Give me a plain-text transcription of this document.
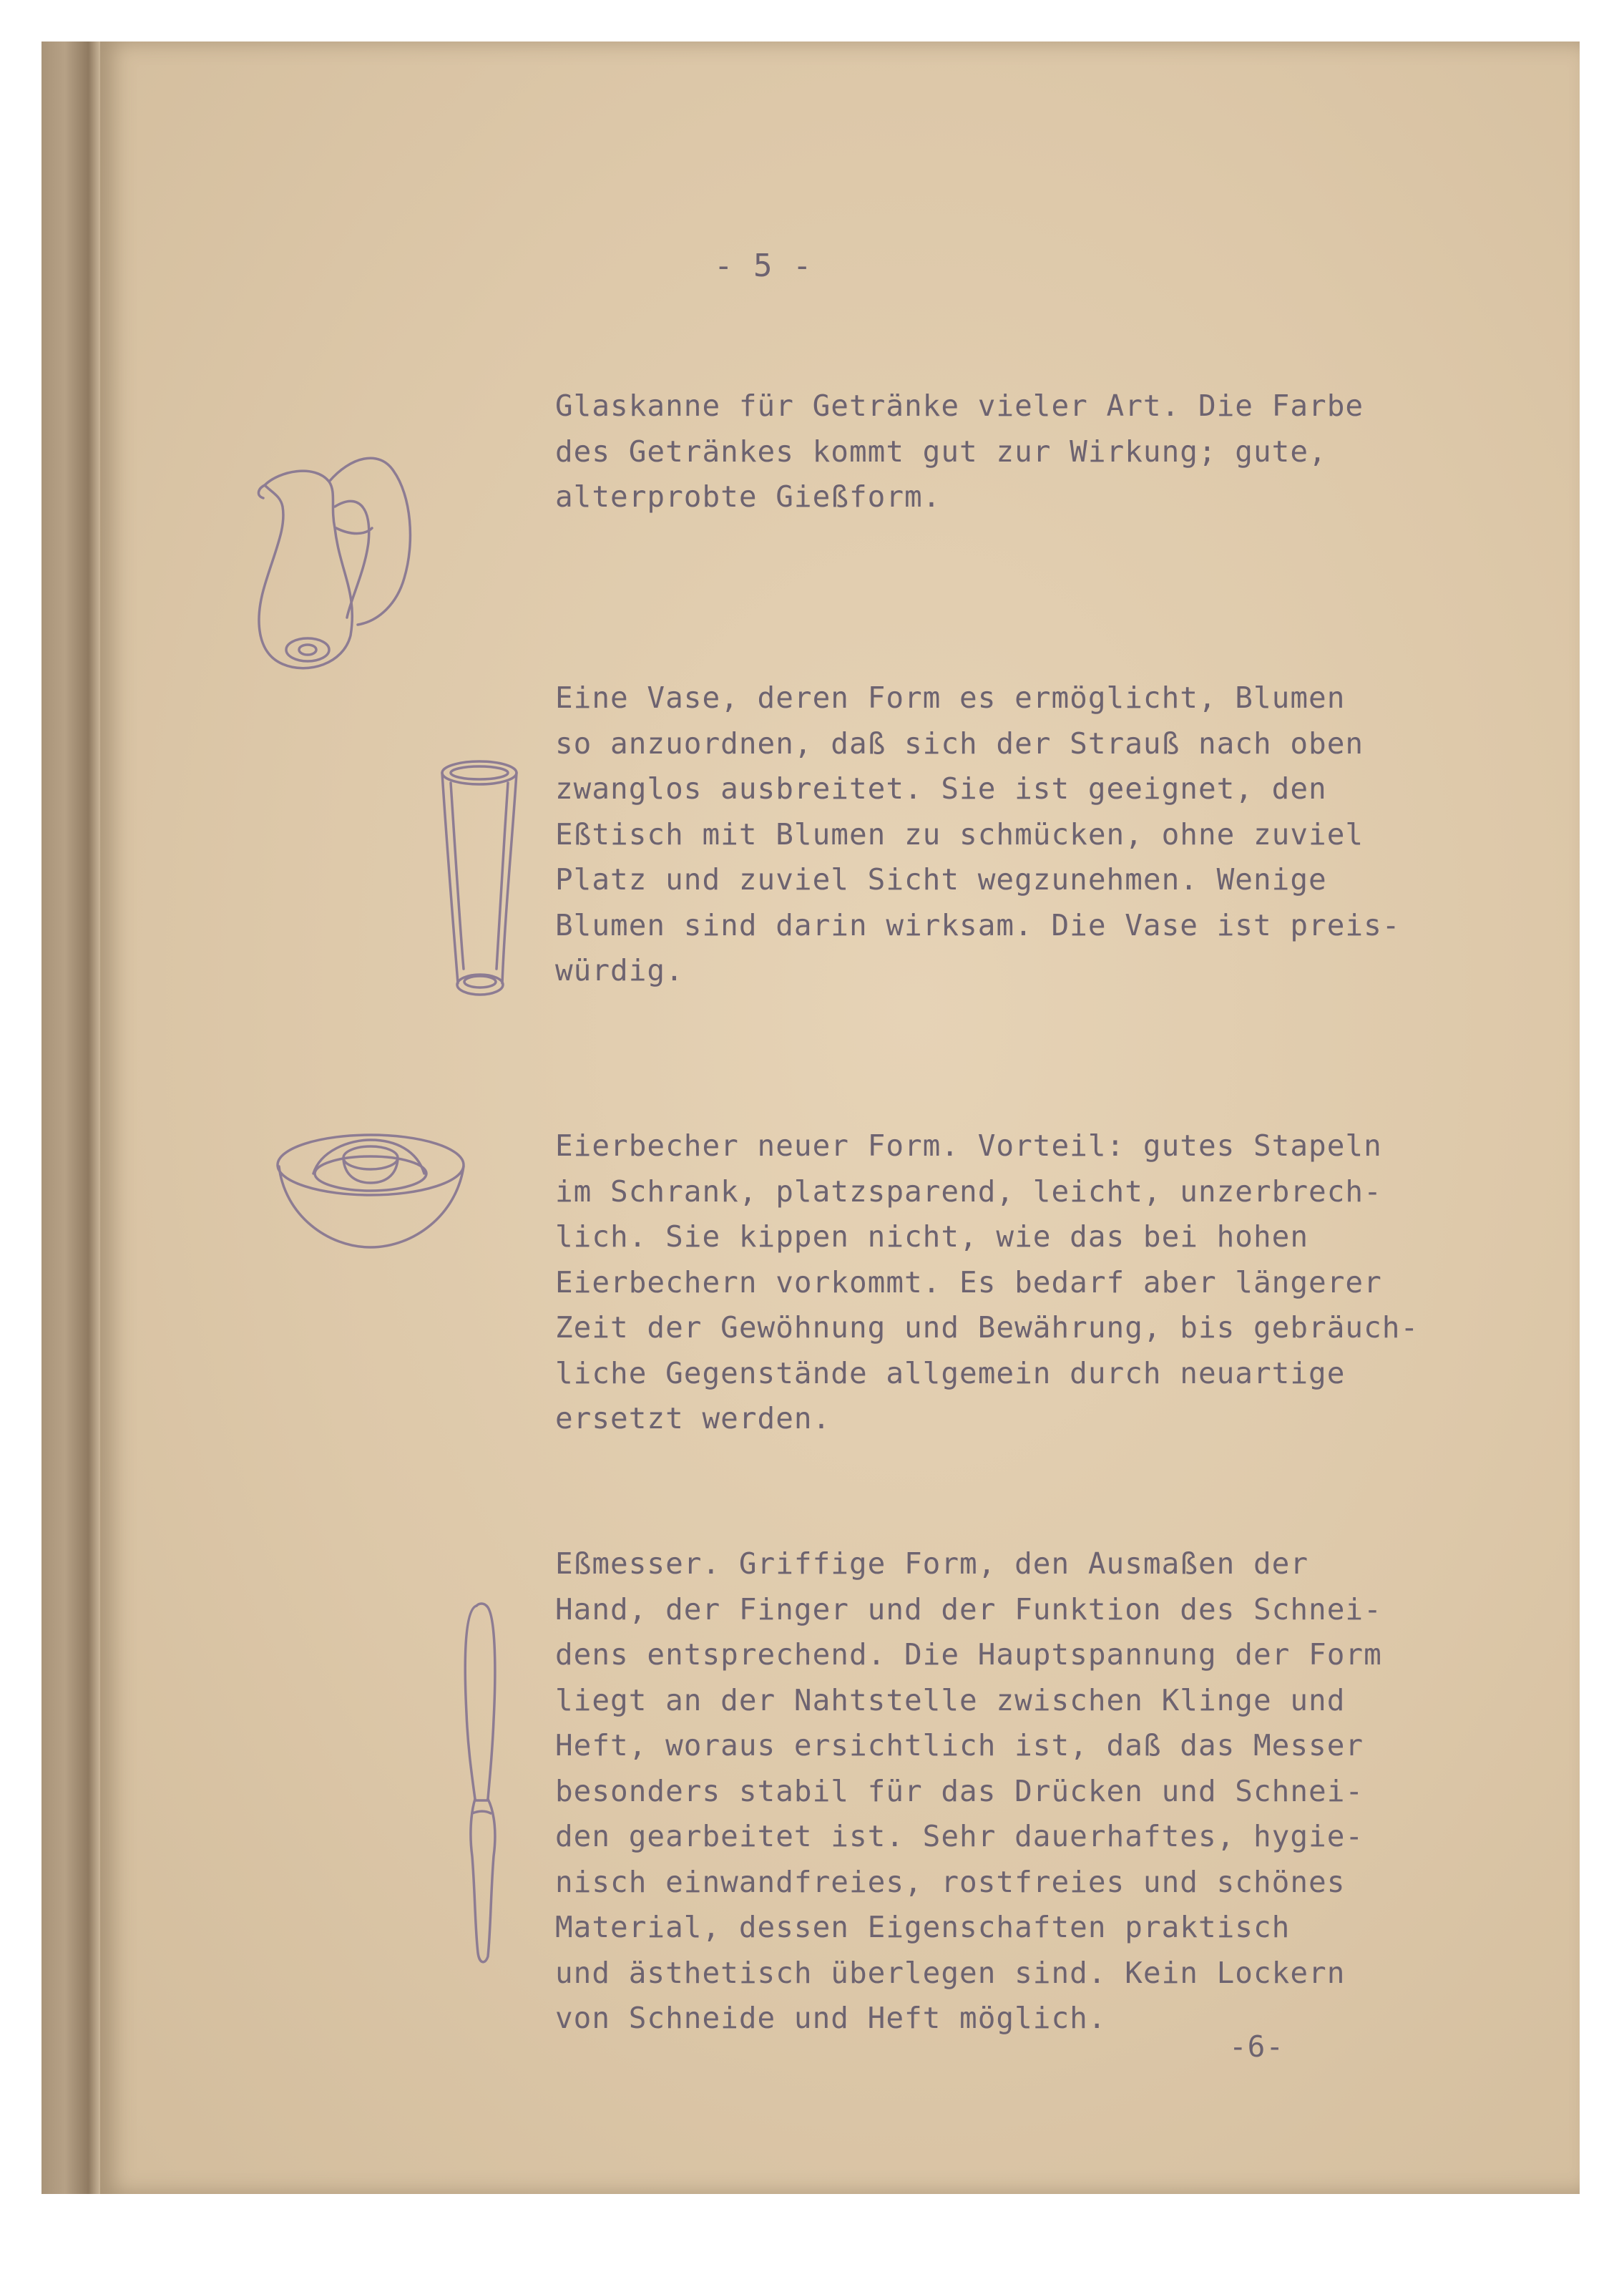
- 5 -
Glaskanne für Getränke vieler Art. Die Farbe
des Getränkes kommt gut zur Wirkung; gute,
alterprobte Gießform.
Eine Vase, deren Form es ermöglicht, Blumen
so anzuordnen, daß sich der Strauß nach oben
zwanglos ausbreitet. Sie ist geeignet, den
Eßtisch mit Blumen zu schmücken, ohne zuviel
Platz und zuviel Sicht wegzunehmen. Wenige
Blumen sind darin wirksam. Die Vase ist preis-
würdig.
Eierbecher neuer Form. Vorteil: gutes Stapeln
im Schrank, platzsparend, leicht, unzerbrech-
lich. Sie kippen nicht, wie das bei hohen
Eierbechern vorkommt. Es bedarf aber längerer
Zeit der Gewöhnung und Bewährung, bis gebräuch-
liche Gegenstände allgemein durch neuartige
ersetzt werden.
Eßmesser. Griffige Form, den Ausmaßen der
Hand, der Finger und der Funktion des Schnei-
dens entsprechend. Die Hauptspannung der Form
liegt an der Nahtstelle zwischen Klinge und
Heft, woraus ersichtlich ist, daß das Messer
besonders stabil für das Drücken und Schnei-
den gearbeitet ist. Sehr dauerhaftes, hygie-
nisch einwandfreies, rostfreies und schönes
Material, dessen Eigenschaften praktisch
und ästhetisch überlegen sind. Kein Lockern
von Schneide und Heft möglich.
-6-
